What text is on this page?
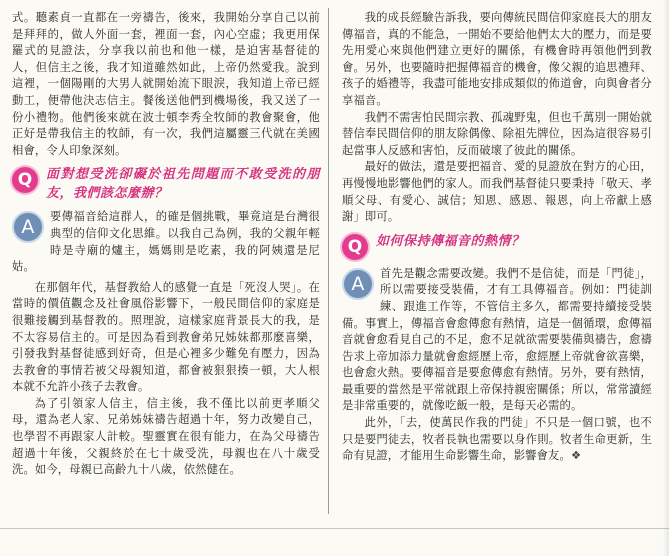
式。聽素貞一直都在一旁禱告，後來，我開始分享自己以前是拜拜的，做人外面一套，裡面一套，內心空虛；我更用保羅式的見證法，分享我以前也和他一樣，是迫害基督徒的人，但信主之後，我才知道雖然如此，上帝仍然愛我。說到這裡，一個陽剛的大男人就開始流下眼淚，我知道上帝已經動工，便帶他決志信主。餐後送他們到機場後，我又送了一份小禮物。他們後來就在波士頓李秀全牧師的教會聚會，他正好是帶我信主的牧師，有一次，我們這屬靈三代就在美國相會，令人印象深刻。

Q	面對想受洗卻礙於祖先問題而不敢受洗的朋友，我們該怎麼辦？
A	要傳福音給這群人，的確是個挑戰，畢竟這是台灣很典型的信仰文化思維。以我自己為例，我的父親年輕時是寺廟的爐主，媽媽則是吃素，我的阿姨還是尼姑。

在那個年代，基督教給人的感覺一直是「死沒人哭」。在當時的價值觀念及社會風俗影響下，一般民間信仰的家庭是很難接觸到基督教的。照理說，這樣家庭背景長大的我，是不太容易信主的。可是因為看到教會弟兄姊妹都那麼喜樂，引發我對基督徒感到好奇，但是心裡多少難免有壓力，因為去教會的事情若被父母親知道，都會被狠狠揍一頓，大人根本就不允許小孩子去教會。

為了引領家人信主，信主後，我不僅比以前更孝順父母，還為老人家、兄弟姊妹禱告超過十年，努力改變自己，也學習不再跟家人計較。聖靈實在很有能力，在為父母禱告超過十年後，父親終於在七十歲受洗，母親也在八十歲受洗。如今，母親已高齡九十八歲，依然健在。

我的成長經驗告訴我，要向傳統民間信仰家庭長大的朋友傳福音，真的不能急，一開始不要給他們太大的壓力，而是要先用愛心來與他們建立更好的關係，有機會時再領他們到教會。另外，也要隨時把握傳福音的機會，像父親的追思禮拜、孩子的婚禮等，我盡可能地安排成類似的佈道會，向與會者分享福音。

我們不需害怕民間宗教、孤魂野鬼，但也千萬別一開始就替信奉民間信仰的朋友除偶像、除祖先牌位，因為這很容易引起當事人反感和害怕，反而破壞了彼此的關係。

最好的做法，還是要把福音、愛的見證放在對方的心田，再慢慢地影響他們的家人。而我們基督徒只要秉持「敬天、孝順父母、有愛心、誠信；知恩、感恩、報恩，向上帝獻上感謝」即可。

Q	如何保持傳福音的熱情？
A	首先是觀念需要改變。我們不是信徒，而是「門徒」，所以需要接受裝備，才有工具傳福音。例如：門徒訓練、跟進工作等，不管信主多久，都需要持續接受裝備。事實上，傳福音會愈傳愈有熱情，這是一個循環，愈傳福音就會愈看見自己的不足，愈不足就欲需要裝備與禱告，愈禱告求上帝加添力量就會愈經歷上帝，愈經歷上帝就會欲喜樂，也會愈火熱。要傳福音是要愈傳愈有熱情。另外，要有熱情，最重要的當然是平常就跟上帝保持親密關係；所以，常常讀經是非常重要的，就像吃飯一般，是每天必需的。

此外，「去，使萬民作我的門徒」不只是一個口號，也不只是要門徒去，牧者長執也需要以身作則。牧者生命更新，生命有見證，才能用生命影響生命，影響會友。❖
